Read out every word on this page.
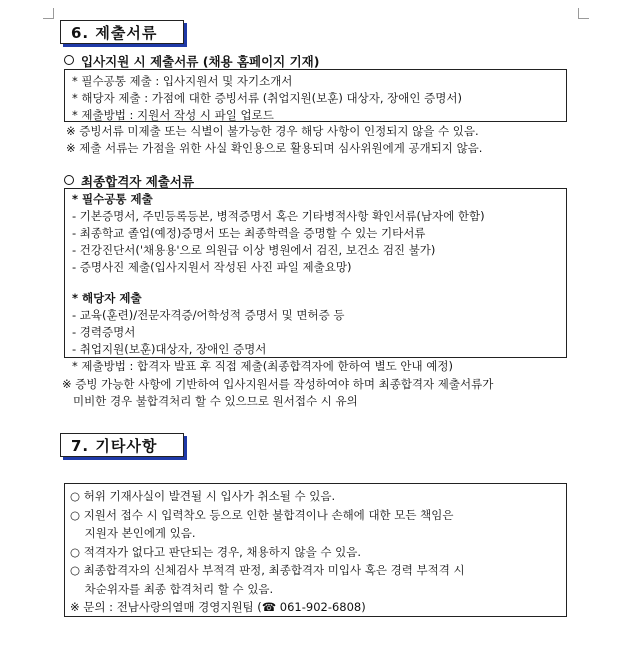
6. 제출서류
입사지원 시 제출서류 (채용 홈페이지 기재)
* 필수공통 제출 : 입사지원서 및 자기소개서
* 해당자 제출 : 가점에 대한 증빙서류 (취업지원(보훈) 대상자, 장애인 증명서)
* 제출방법 : 지원서 작성 시 파일 업로드
※ 증빙서류 미제출 또는 식별이 불가능한 경우 해당 사항이 인정되지 않을 수 있음.
※ 제출 서류는 가점을 위한 사실 확인용으로 활용되며 심사위원에게 공개되지 않음.
최종합격자 제출서류
* 필수공통 제출
- 기본증명서, 주민등록등본, 병적증명서 혹은 기타병적사항 확인서류(남자에 한함)
- 최종학교 졸업(예정)증명서 또는 최종학력을 증명할 수 있는 기타서류
- 건강진단서('채용용'으로 의원급 이상 병원에서 검진, 보건소 검진 불가)
- 증명사진 제출(입사지원서 작성된 사진 파일 제출요망)
* 해당자 제출
- 교육(훈련)/전문자격증/어학성적 증명서 및 면허증 등
- 경력증명서
- 취업지원(보훈)대상자, 장애인 증명서
* 제출방법 : 합격자 발표 후 직접 제출(최종합격자에 한하여 별도 안내 예정)
※ 증빙 가능한 사항에 기반하여 입사지원서를 작성하여야 하며 최종합격자 제출서류가
미비한 경우 불합격처리 할 수 있으므로 원서접수 시 유의
7. 기타사항
○ 허위 기재사실이 발견될 시 입사가 취소될 수 있음.
○ 지원서 접수 시 입력착오 등으로 인한 불합격이나 손해에 대한 모든 책임은
지원자 본인에게 있음.
○ 적격자가 없다고 판단되는 경우, 채용하지 않을 수 있음.
○ 최종합격자의 신체검사 부적격 판정, 최종합격자 미입사 혹은 경력 부적격 시
차순위자를 최종 합격처리 할 수 있음.
※ 문의 : 전남사랑의열매 경영지원팀 (☎ 061-902-6808)
